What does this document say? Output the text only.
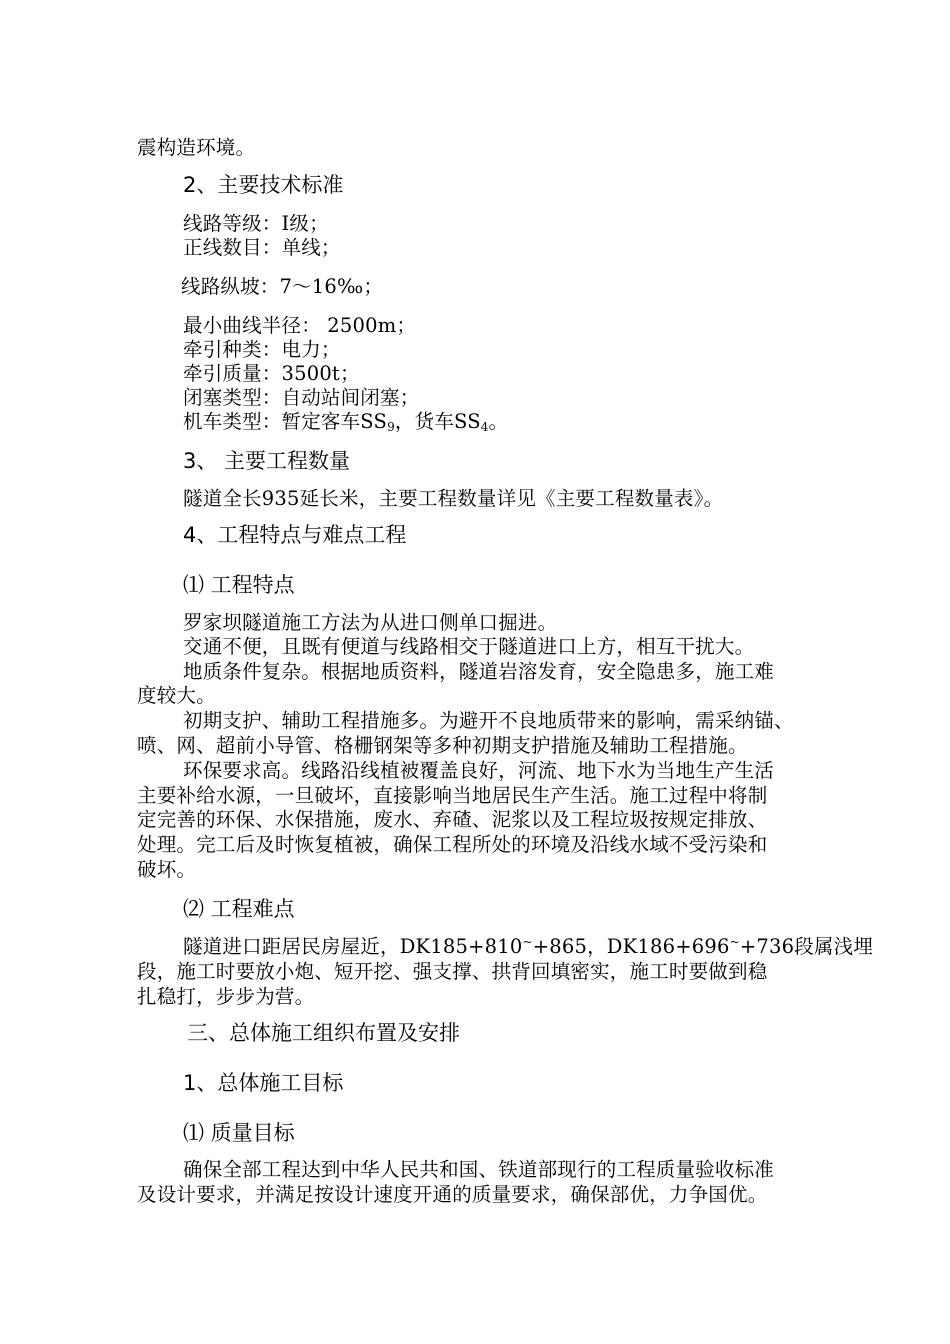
震构造环境。
2、主要技术标准
线路等级：Ⅰ级；
正线数目：单线；
线路纵坡：7～16‰；
最小曲线半径： 2500m；
牵引种类：电力；
牵引质量：3500t；
闭塞类型：自动站间闭塞；
机车类型：暂定客车$SS_9$，货车$SS_4$。
3、 主要工程数量
隧道全长935延长米，主要工程数量详见《主要工程数量表》。
4、工程特点与难点工程
⑴ 工程特点
罗家坝隧道施工方法为从进口侧单口掘进。
交通不便，且既有便道与线路相交于隧道进口上方，相互干扰大。
地质条件复杂。根据地质资料，隧道岩溶发育，安全隐患多，施工难
度较大。
初期支护、辅助工程措施多。为避开不良地质带来的影响，需采纳锚、
喷、网、超前小导管、格栅钢架等多种初期支护措施及辅助工程措施。
环保要求高。线路沿线植被覆盖良好，河流、地下水为当地生产生活
主要补给水源，一旦破坏，直接影响当地居民生产生活。施工过程中将制
定完善的环保、水保措施，废水、弃碴、泥浆以及工程垃圾按规定排放、
处理。完工后及时恢复植被，确保工程所处的环境及沿线水域不受污染和
破坏。
⑵ 工程难点
隧道进口距居民房屋近，DK185+810~+865，DK186+696~+736段属浅埋
段，施工时要放小炮、短开挖、强支撑、拱背回填密实，施工时要做到稳
扎稳打，步步为营。
三、总体施工组织布置及安排
1、总体施工目标
⑴ 质量目标
确保全部工程达到中华人民共和国、铁道部现行的工程质量验收标准
及设计要求，并满足按设计速度开通的质量要求，确保部优，力争国优。
